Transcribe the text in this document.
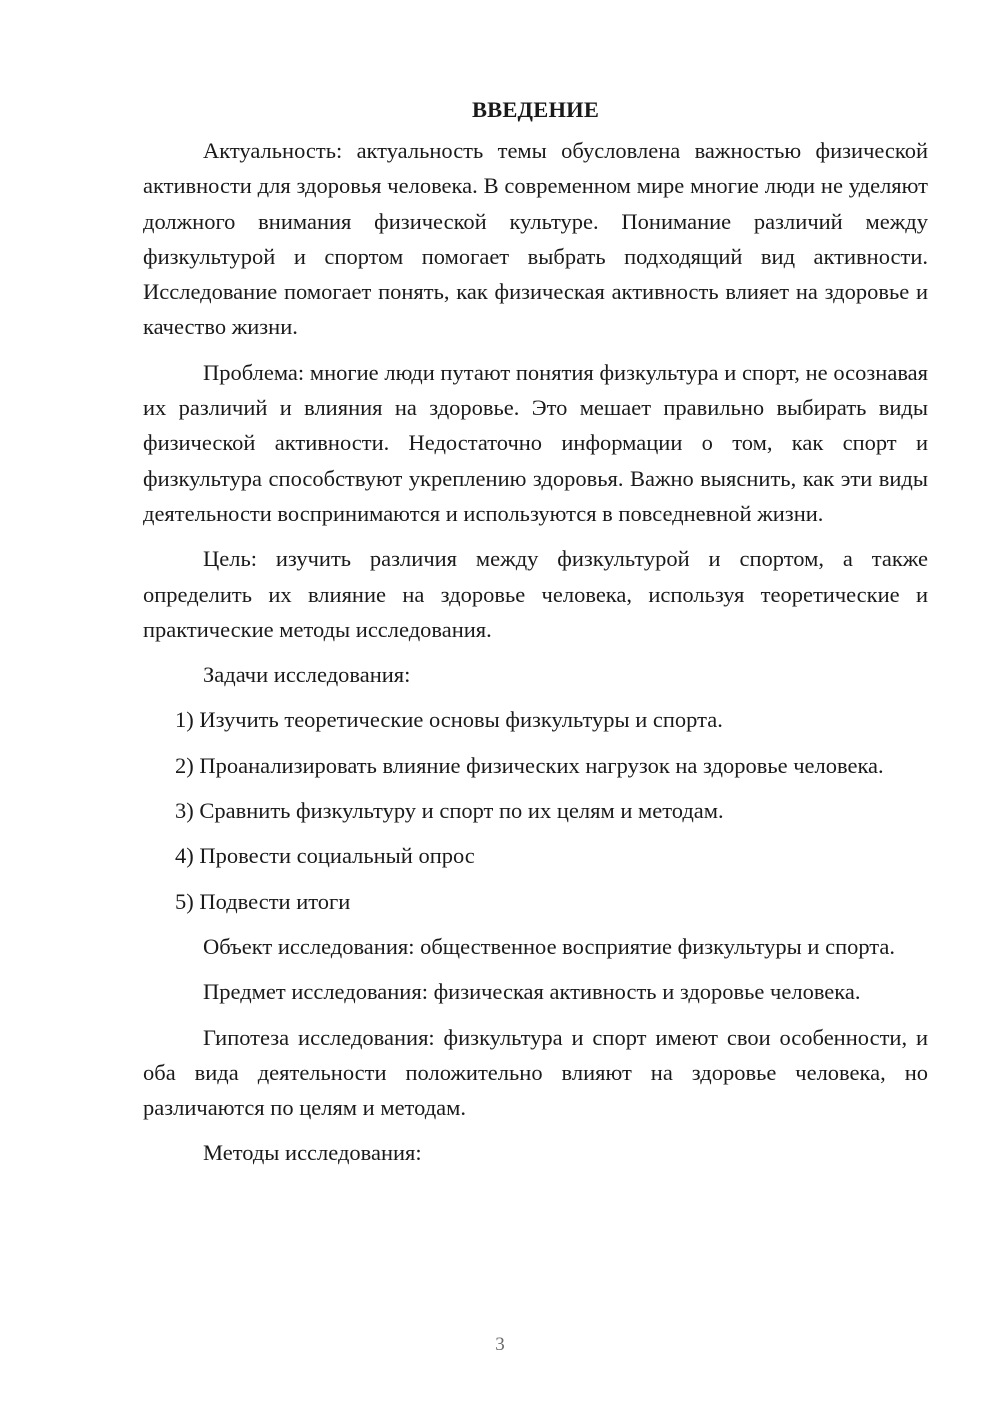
ВВЕДЕНИЕ

Актуальность: актуальность темы обусловлена важностью физической активности для здоровья человека. В современном мире многие люди не уделяют должного внимания физической культуре. Понимание различий между физкультурой и спортом помогает выбрать подходящий вид активности. Исследование помогает понять, как физическая активность влияет на здоровье и качество жизни.

Проблема: многие люди путают понятия физкультура и спорт, не осознавая их различий и влияния на здоровье. Это мешает правильно выбирать виды физической активности. Недостаточно информации о том, как спорт и физкультура способствуют укреплению здоровья. Важно выяснить, как эти виды деятельности воспринимаются и используются в повседневной жизни.

Цель: изучить различия между физкультурой и спортом, а также определить их влияние на здоровье человека, используя теоретические и практические методы исследования.

Задачи исследования:

1) Изучить теоретические основы физкультуры и спорта.

2) Проанализировать влияние физических нагрузок на здоровье человека.

3) Сравнить физкультуру и спорт по их целям и методам.

4) Провести социальный опрос

5) Подвести итоги

Объект исследования: общественное восприятие физкультуры и спорта.

Предмет исследования: физическая активность и здоровье человека.

Гипотеза исследования: физкультура и спорт имеют свои особенности, и оба вида деятельности положительно влияют на здоровье человека, но различаются по целям и методам.

Методы исследования:

3
